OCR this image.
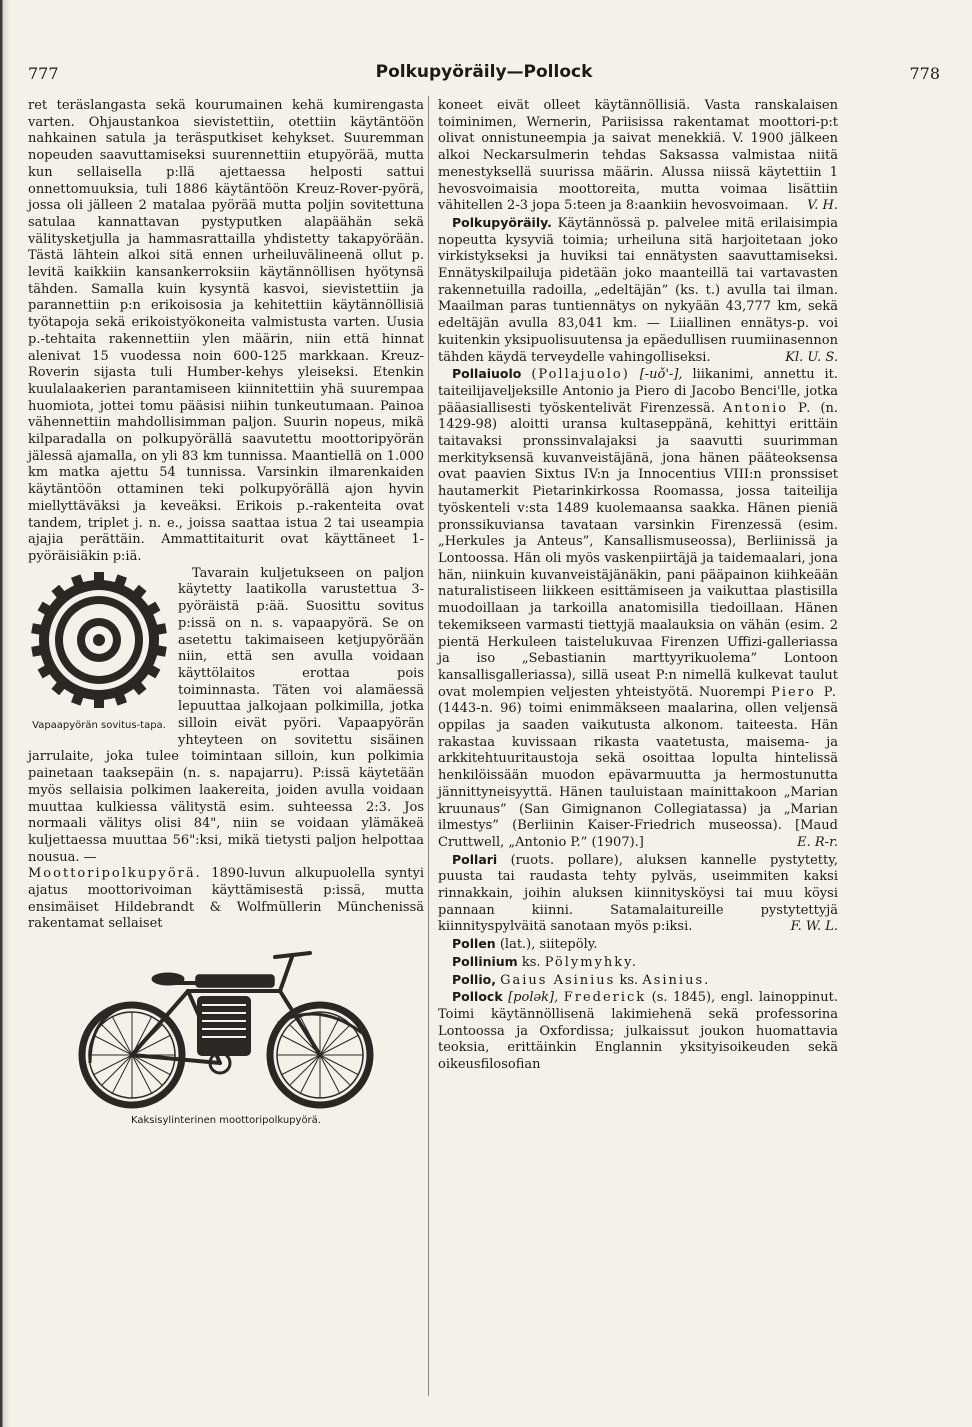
777	Polkupyöräily—Pollock	778

ret teräslangasta sekä kourumainen kehä kumirengasta varten. Ohjaustankoa sievistettiin, otettiin käytäntöön nahkainen satula ja teräsputkiset kehykset. Suuremman nopeuden saavuttamiseksi suurennettiin etupyörää, mutta kun sellaisella p:llä ajettaessa helposti sattui onnettomuuksia, tuli 1886 käytäntöön Kreuz-Rover-pyörä, jossa oli jälleen 2 matalaa pyörää mutta poljin sovitettuna satulaa kannattavan pystyputken alapäähän sekä välitysketjulla ja hammasrattailla yhdistetty takapyörään. Tästä lähtein alkoi sitä ennen urheiluvälineenä ollut p. levitä kaikkiin kansankerroksiin käytännöllisen hyötynsä tähden. Samalla kuin kysyntä kasvoi, sievistettiin ja parannettiin p:n erikoisosia ja kehitettiin käytännöllisiä työtapoja sekä erikoistyökoneita valmistusta varten. Uusia p.-tehtaita rakennettiin ylen määrin, niin että hinnat alenivat 15 vuodessa noin 600-125 markkaan. Kreuz-Roverin sijasta tuli Humber-kehys yleiseksi. Etenkin kuulalaakerien parantamiseen kiinnitettiin yhä suurempaa huomiota, jottei tomu pääsisi niihin tunkeutumaan. Painoa vähennettiin mahdollisimman paljon. Suurin nopeus, mikä kilparadalla on polkupyörällä saavutettu moottoripyörän jälessä ajamalla, on yli 83 km tunnissa. Maantiellä on 1.000 km matka ajettu 54 tunnissa. Varsinkin ilmarenkaiden käytäntöön ottaminen teki polkupyörällä ajon hyvin miellyttäväksi ja keveäksi. Erikois p.-rakenteita ovat tandem, triplet j. n. e., joissa saattaa istua 2 tai useampia ajajia perättäin. Ammattitaiturit ovat käyttäneet 1-pyöräisiäkin p:iä.

Vapaapyörän sovitus-tapa.

Tavarain kuljetukseen on paljon käytetty laatikolla varustettua 3-pyöräistä p:ää. Suosittu sovitus p:issä on n. s. vapaapyörä. Se on asetettu takimaiseen ketjupyörään niin, että sen avulla voidaan käyttölaitos erottaa pois toiminnasta. Täten voi alamäessä lepuuttaa jalkojaan polkimilla, jotka silloin eivät pyöri. Vapaapyörän yhteyteen on sovitettu sisäinen jarrulaite, joka tulee toimintaan silloin, kun polkimia painetaan taaksepäin (n. s. napajarru). P:issä käytetään myös sellaisia polkimen laakereita, joiden avulla voidaan muuttaa kulkiessa välitystä esim. suhteessa 2:3. Jos normaali välitys olisi 84", niin se voidaan ylämäkeä kuljettaessa muuttaa 56":ksi, mikä tietysti paljon helpottaa nousua. —

Moottoripolkupyörä. 1890-luvun alkupuolella syntyi ajatus moottorivoiman käyttämisestä p:issä, mutta ensimäiset Hildebrandt & Wolfmüllerin Münchenissä rakentamat sellaiset

Kaksisylinterinen moottoripolkupyörä.

koneet eivät olleet käytännöllisiä. Vasta ranskalaisen toiminimen, Wernerin, Pariisissa rakentamat moottori-p:t olivat onnistuneempia ja saivat menekkiä. V. 1900 jälkeen alkoi Neckarsulmerin tehdas Saksassa valmistaa niitä menestyksellä suurissa määrin. Alussa niissä käytettiin 1 hevosvoimaisia moottoreita, mutta voimaa lisättiin vähitellen 2-3 jopa 5:teen ja 8:aankiin hevosvoimaan. V. H.

Polkupyöräily. Käytännössä p. palvelee mitä erilaisimpia nopeutta kysyviä toimia; urheiluna sitä harjoitetaan joko virkistykseksi ja huviksi tai ennätysten saavuttamiseksi. Ennätyskilpailuja pidetään joko maanteillä tai vartavasten rakennetuilla radoilla, „edeltäjän” (ks. t.) avulla tai ilman. Maailman paras tuntiennätys on nykyään 43,777 km, sekä edeltäjän avulla 83,041 km. — Liiallinen ennätys-p. voi kuitenkin yksipuolisuutensa ja epäedullisen ruumiinasennon tähden käydä terveydelle vahingolliseksi.	Kl. U. S.

Pollaiuolo (Pollajuolo) [-uǒ'-], liikanimi, annettu it. taiteilijaveljeksille Antonio ja Piero di Jacobo Benci'lle, jotka pääasiallisesti työskentelivät Firenzessä. Antonio P. (n. 1429-98) aloitti uransa kultaseppänä, kehittyi erittäin taitavaksi pronssinvalajaksi ja saavutti suurimman merkityksensä kuvanveistäjänä, jona hänen pääteoksensa ovat paavien Sixtus IV:n ja Innocentius VIII:n pronssiset hautamerkit Pietarinkirkossa Roomassa, jossa taiteilija työskenteli v:sta 1489 kuolemaansa saakka. Hänen pieniä pronssikuviansa tavataan varsinkin Firenzessä (esim. „Herkules ja Anteus”, Kansallismuseossa), Berliinissä ja Lontoossa. Hän oli myös vaskenpiirtäjä ja taidemaalari, jona hän, niinkuin kuvanveistäjänäkin, pani pääpainon kiihkeään naturalistiseen liikkeen esittämiseen ja vaikuttaa plastisilla muodoillaan ja tarkoilla anatomisilla tiedoillaan. Hänen tekemikseen varmasti tiettyjä maalauksia on vähän (esim. 2 pientä Herkuleen taistelukuvaa Firenzen Uffizi-galleriassa ja iso „Sebastianin marttyyrikuolema” Lontoon kansallisgalleriassa), sillä useat P:n nimellä kulkevat taulut ovat molempien veljesten yhteistyötä. Nuorempi Piero P. (1443-n. 96) toimi enimmäkseen maalarina, ollen veljensä oppilas ja saaden vaikutusta alkonom. taiteesta. Hän rakastaa kuvissaan rikasta vaatetusta, maisema- ja arkkitehtuuritaustoja sekä osoittaa lopulta hintelissä henkilöissään muodon epävarmuutta ja hermostunutta jännittyneisyyttä. Hänen tauluistaan mainittakoon „Marian kruunaus” (San Gimignanon Collegiatassa) ja „Marian ilmestys” (Berliinin Kaiser-Friedrich museossa). [Maud Cruttwell, „Antonio P.” (1907).]	E. R-r.

Pollari (ruots. pollare), aluksen kannelle pystytetty, puusta tai raudasta tehty pylväs, useimmiten kaksi rinnakkain, joihin aluksen kiinnitysköysi tai muu köysi pannaan kiinni. Satamalaitureille pystytettyjä kiinnityspylväitä sanotaan myös p:iksi.	F. W. L.

Pollen (lat.), siitepöly.

Pollinium ks. Pölymyhky.

Pollio, Gaius Asinius ks. Asinius.

Pollock [polək], Frederick (s. 1845), engl. lainoppinut. Toimi käytännöllisenä lakimiehenä sekä professorina Lontoossa ja Oxfordissa; julkaissut joukon huomattavia teoksia, erittäinkin Englannin yksityisoikeuden sekä oikeusfilosofian
